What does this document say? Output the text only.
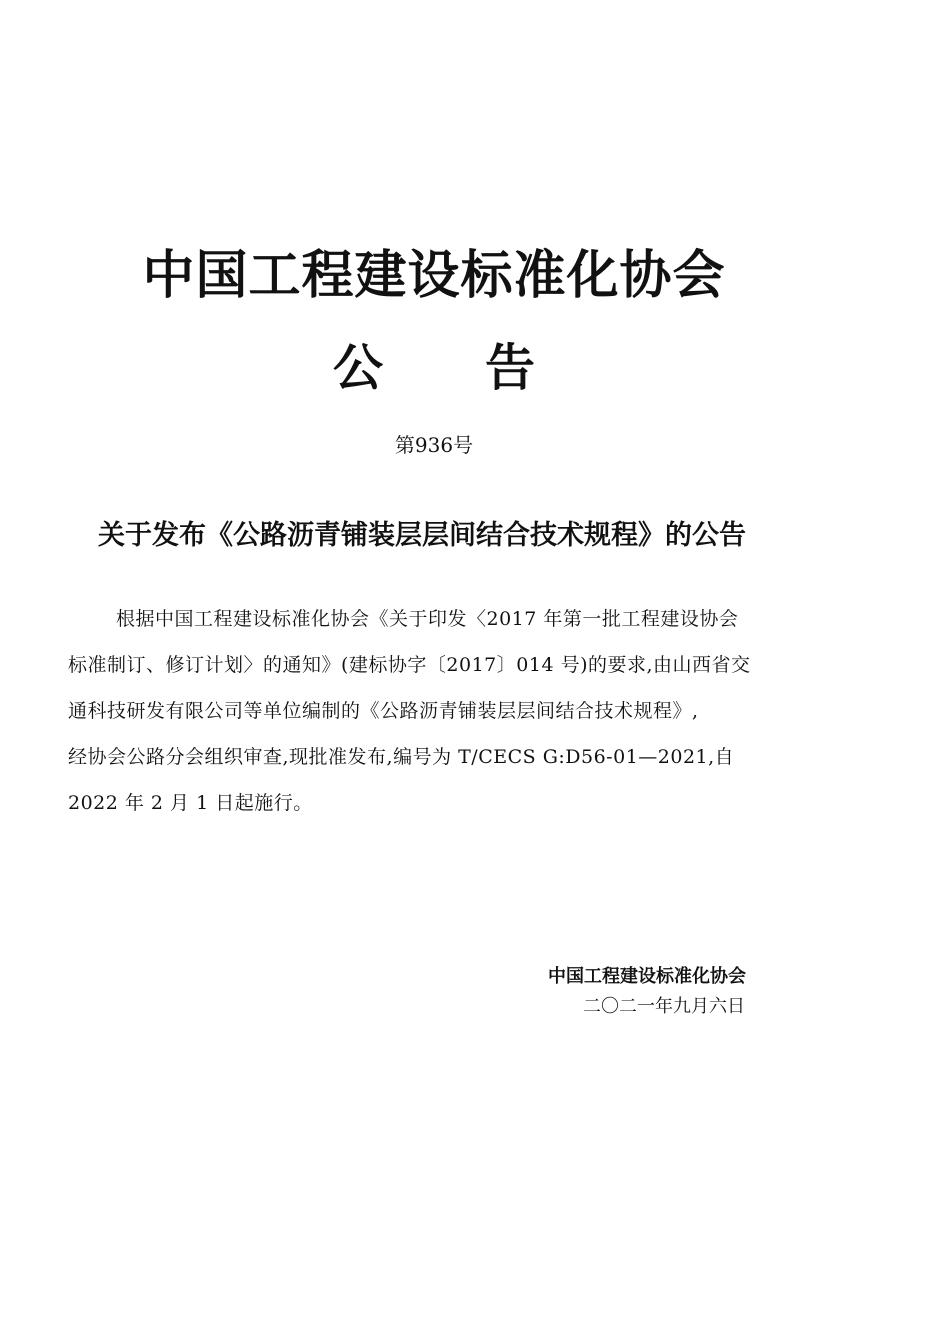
中国工程建设标准化协会
公 告
第936号
关于发布《公路沥青铺装层层间结合技术规程》的公告
根据中国工程建设标准化协会《关于印发〈2017 年第一批工程建设协会
标准制订、修订计划〉的通知》(建标协字〔2017〕014 号)的要求,由山西省交
通科技研发有限公司等单位编制的《公路沥青铺装层层间结合技术规程》,
经协会公路分会组织审查,现批准发布,编号为 T/CECS G:D56-01—2021,自
2022 年 2 月 1 日起施行。
中国工程建设标准化协会
二〇二一年九月六日
